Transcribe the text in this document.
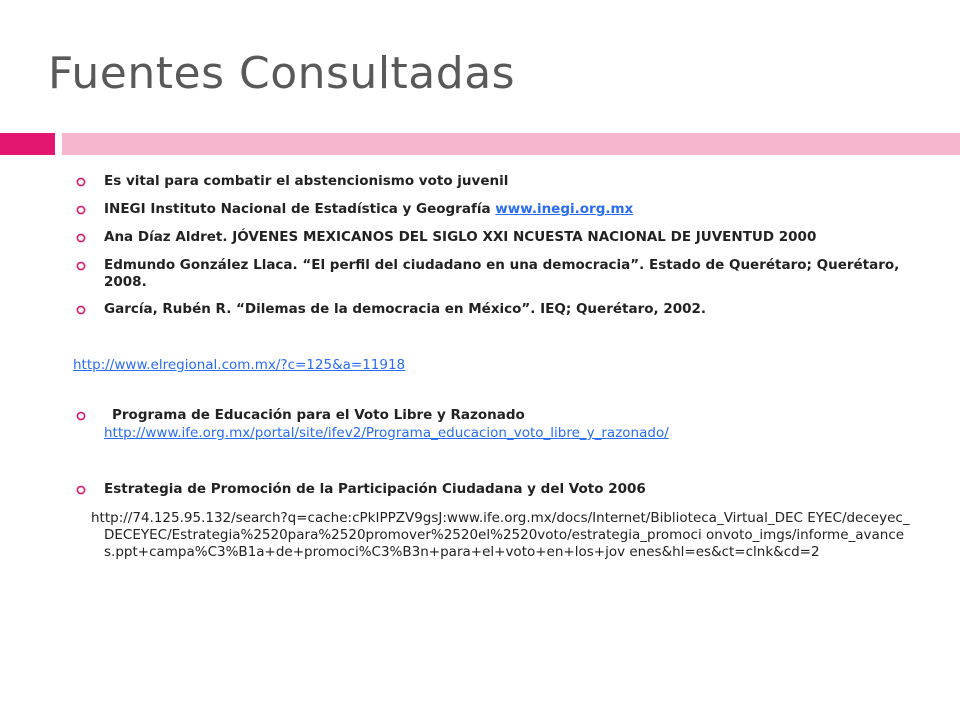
Fuentes Consultadas
Es vital para combatir el abstencionismo voto juvenil
INEGI Instituto Nacional de Estadística y Geografía www.inegi.org.mx
Ana Díaz Aldret. JÓVENES MEXICANOS DEL SIGLO XXI NCUESTA NACIONAL DE JUVENTUD 2000
Edmundo González Llaca. “El perfil del ciudadano en una democracia”. Estado de Querétaro; Querétaro, 2008.
García, Rubén R. “Dilemas de la democracia en México”. IEQ; Querétaro, 2002.
http://www.elregional.com.mx/?c=125&a=11918
Programa de Educación para el Voto Libre y Razonado
http://www.ife.org.mx/portal/site/ifev2/Programa_educacion_voto_libre_y_razonado/
Estrategia de Promoción de la Participación Ciudadana y del Voto 2006
http://74.125.95.132/search?q=cache:cPkIPPZV9gsJ:www.ife.org.mx/docs/Internet/Biblioteca_Virtual_DEC EYEC/deceyec_DECEYEC/Estrategia%2520para%2520promover%2520el%2520voto/estrategia_promoci onvoto_imgs/informe_avances.ppt+campa%C3%B1a+de+promoci%C3%B3n+para+el+voto+en+los+jov enes&hl=es&ct=clnk&cd=2
